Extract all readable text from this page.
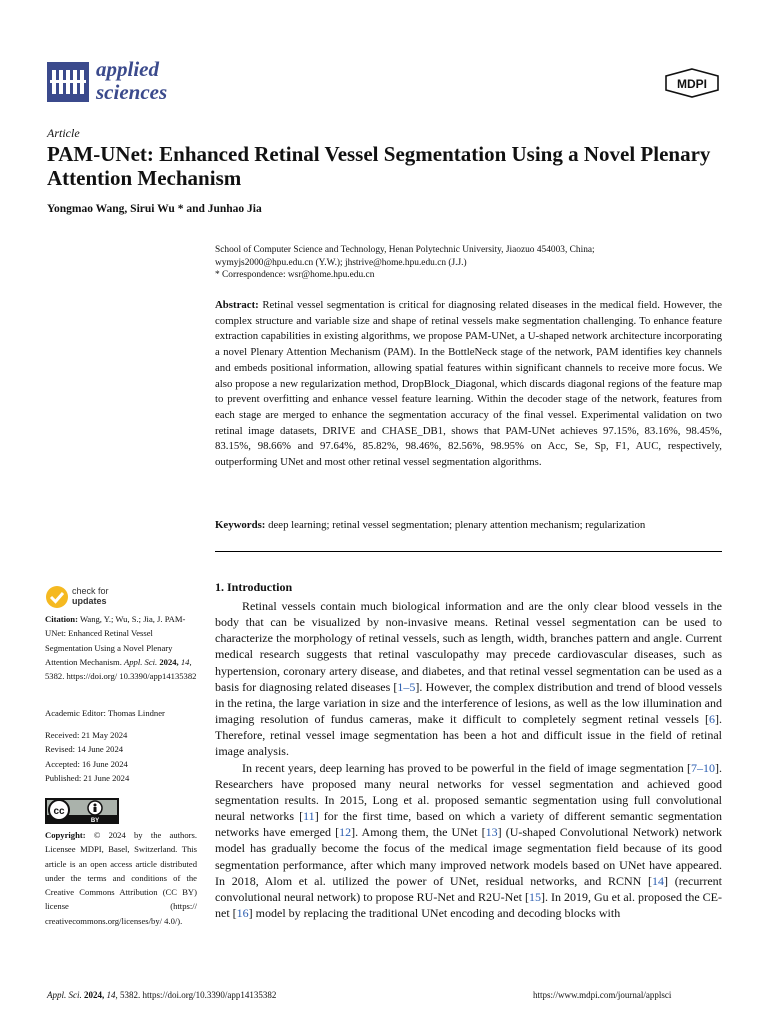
applied
sciences	MDPI
Article
PAM-UNet: Enhanced Retinal Vessel Segmentation Using a Novel Plenary Attention Mechanism
Yongmao Wang, Sirui Wu * and Junhao Jia
School of Computer Science and Technology, Henan Polytechnic University, Jiaozuo 454003, China;
wymyjs2000@hpu.edu.cn (Y.W.); jhstrive@home.hpu.edu.cn (J.J.)
* Correspondence: wsr@home.hpu.edu.cn
Abstract: Retinal vessel segmentation is critical for diagnosing related diseases in the medical field. However, the complex structure and variable size and shape of retinal vessels make segmentation challenging. To enhance feature extraction capabilities in existing algorithms, we propose PAM-UNet, a U-shaped network architecture incorporating a novel Plenary Attention Mechanism (PAM). In the BottleNeck stage of the network, PAM identifies key channels and embeds positional information, allowing spatial features within significant channels to receive more focus. We also propose a new regularization method, DropBlock_Diagonal, which discards diagonal regions of the feature map to prevent overfitting and enhance vessel feature learning. Within the decoder stage of the network, features from each stage are merged to enhance the segmentation accuracy of the final vessel. Experimental validation on two retinal image datasets, DRIVE and CHASE_DB1, shows that PAM-UNet achieves 97.15%, 83.16%, 98.45%, 83.15%, 98.66% and 97.64%, 85.82%, 98.46%, 82.56%, 98.95% on Acc, Se, Sp, F1, AUC, respectively, outperforming UNet and most other retinal vessel segmentation algorithms.
Keywords: deep learning; retinal vessel segmentation; plenary attention mechanism; regularization
check for
updates
Citation: Wang, Y.; Wu, S.; Jia, J. PAM-UNet: Enhanced Retinal Vessel Segmentation Using a Novel Plenary Attention Mechanism. Appl. Sci. 2024, 14, 5382. https://doi.org/ 10.3390/app14135382
Academic Editor: Thomas Lindner
Received: 21 May 2024
Revised: 14 June 2024
Accepted: 16 June 2024
Published: 21 June 2024
cc
BY
Copyright: © 2024 by the authors. Licensee MDPI, Basel, Switzerland. This article is an open access article distributed under the terms and conditions of the Creative Commons Attribution (CC BY) license (https:// creativecommons.org/licenses/by/ 4.0/).
1. Introduction

Retinal vessels contain much biological information and are the only clear blood vessels in the body that can be visualized by non-invasive means. Retinal vessel segmentation can be used to characterize the morphology of retinal vessels, such as length, width, branches pattern and angle. Current medical research suggests that retinal vasculopathy may precede cardiovascular diseases, such as hypertension, coronary artery disease, and diabetes, and that retinal vessel segmentation can be used as a basis for diagnosing related diseases [1–5]. However, the complex distribution and trend of blood vessels in the retina, the large variation in size and the interference of lesions, as well as the low illumination and imaging resolution of fundus cameras, make it difficult to completely segment retinal vessels [6]. Therefore, retinal vessel image segmentation has been a hot and difficult issue in the field of retinal image analysis.

In recent years, deep learning has proved to be powerful in the field of image segmentation [7–10]. Researchers have proposed many neural networks for vessel segmentation and achieved good segmentation results. In 2015, Long et al. proposed semantic segmentation using full convolutional neural networks [11] for the first time, based on which a variety of different semantic segmentation networks have emerged [12]. Among them, the UNet [13] (U-shaped Convolutional Network) network model has gradually become the focus of the medical image segmentation field because of its good segmentation performance, after which many improved network models based on UNet have appeared. In 2018, Alom et al. utilized the power of UNet, residual networks, and RCNN [14] (recurrent convolutional neural network) to propose RU-Net and R2U-Net [15]. In 2019, Gu et al. proposed the CE-net [16] model by replacing the traditional UNet encoding and decoding blocks with

Appl. Sci. 2024, 14, 5382. https://doi.org/10.3390/app14135382	https://www.mdpi.com/journal/applsci
